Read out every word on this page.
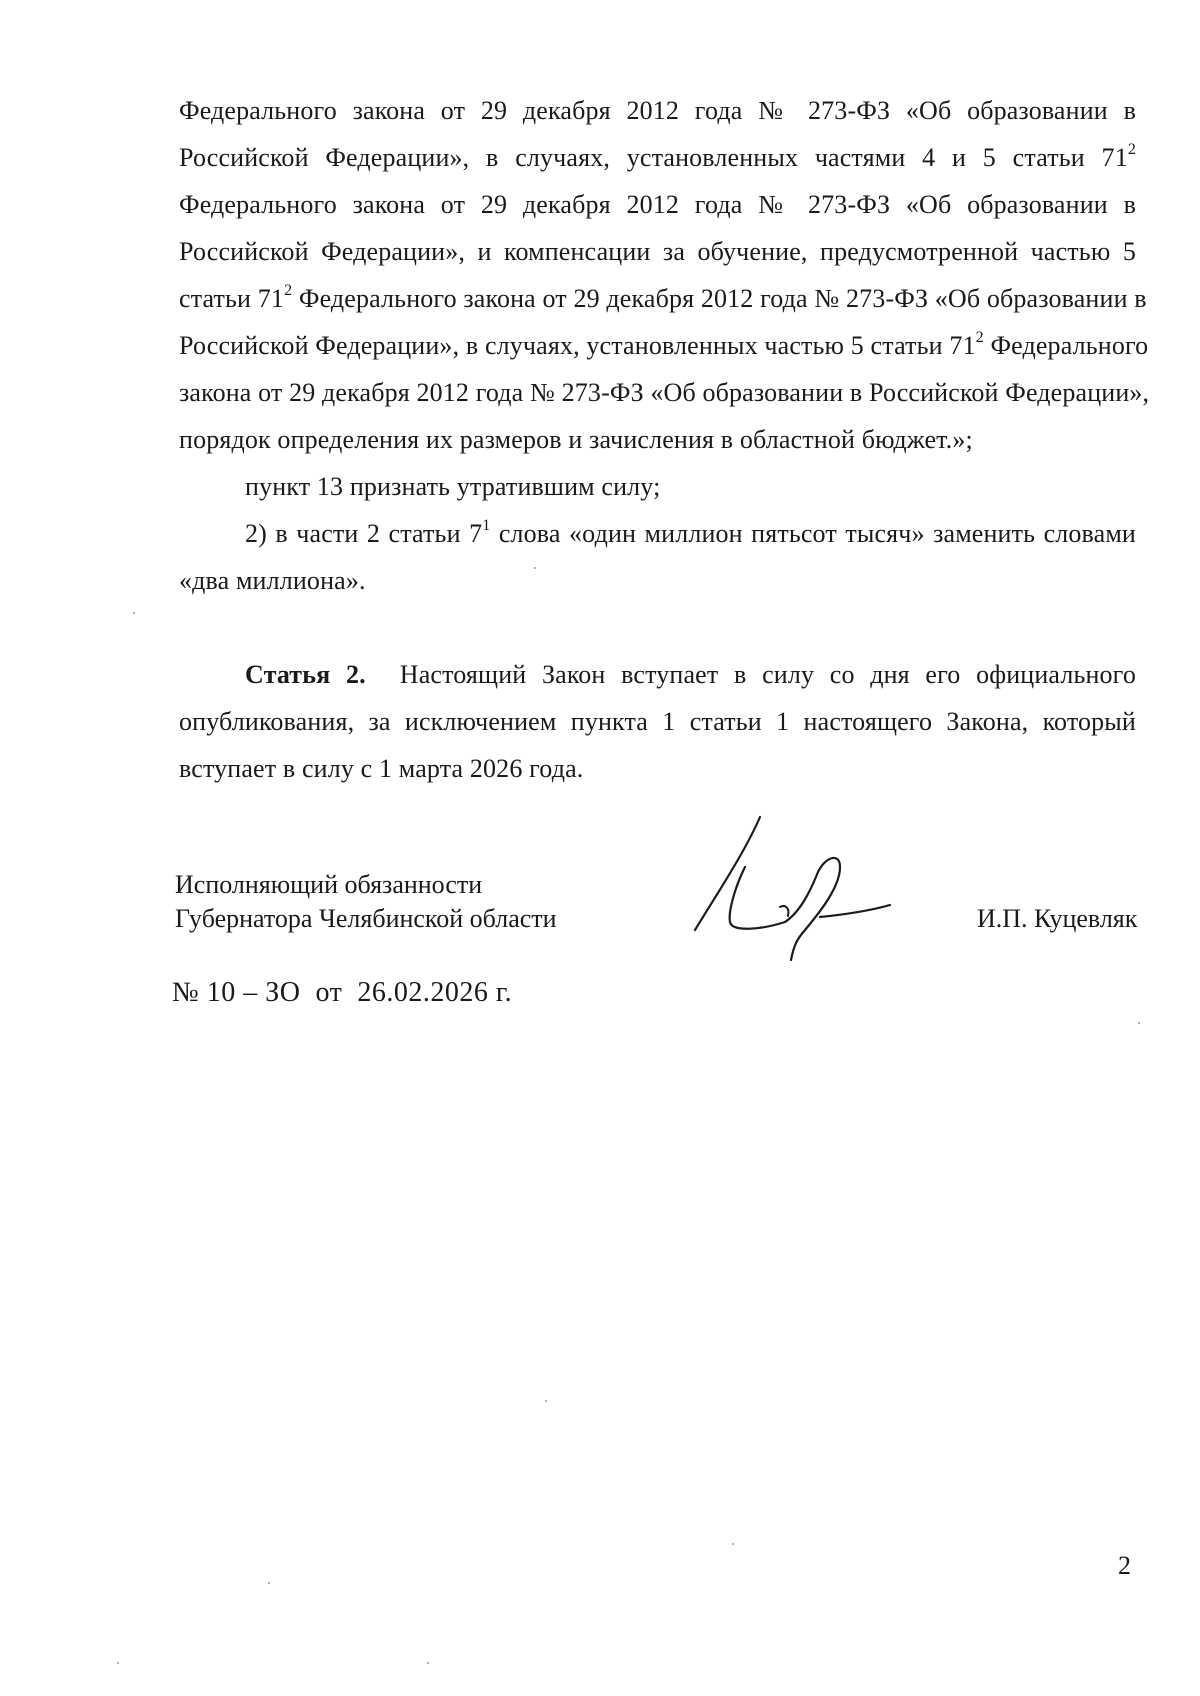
Федерального закона от 29 декабря 2012 года № 273-ФЗ «Об образовании в
Российской Федерации», в случаях, установленных частями 4 и 5 статьи $71^2$
Федерального закона от 29 декабря 2012 года № 273-ФЗ «Об образовании в
Российской Федерации», и компенсации за обучение, предусмотренной частью 5
статьи $71^2$ Федерального закона от 29 декабря 2012 года № 273-ФЗ «Об образовании в
Российской Федерации», в случаях, установленных частью 5 статьи $71^2$ Федерального
закона от 29 декабря 2012 года № 273-ФЗ «Об образовании в Российской Федерации»,
порядок определения их размеров и зачисления в областной бюджет.»;
пункт 13 признать утратившим силу;
2) в части 2 статьи $7^1$ слова «один миллион пятьсот тысяч» заменить словами
«два миллиона».
Статья 2. Настоящий Закон вступает в силу со дня его официального
опубликования, за исключением пункта 1 статьи 1 настоящего Закона, который
вступает в силу с 1 марта 2026 года.
Исполняющий обязанности
Губернатора Челябинской области	И.П. Куцевляк
№ 10 – ЗО  от  26.02.2026 г.
2
